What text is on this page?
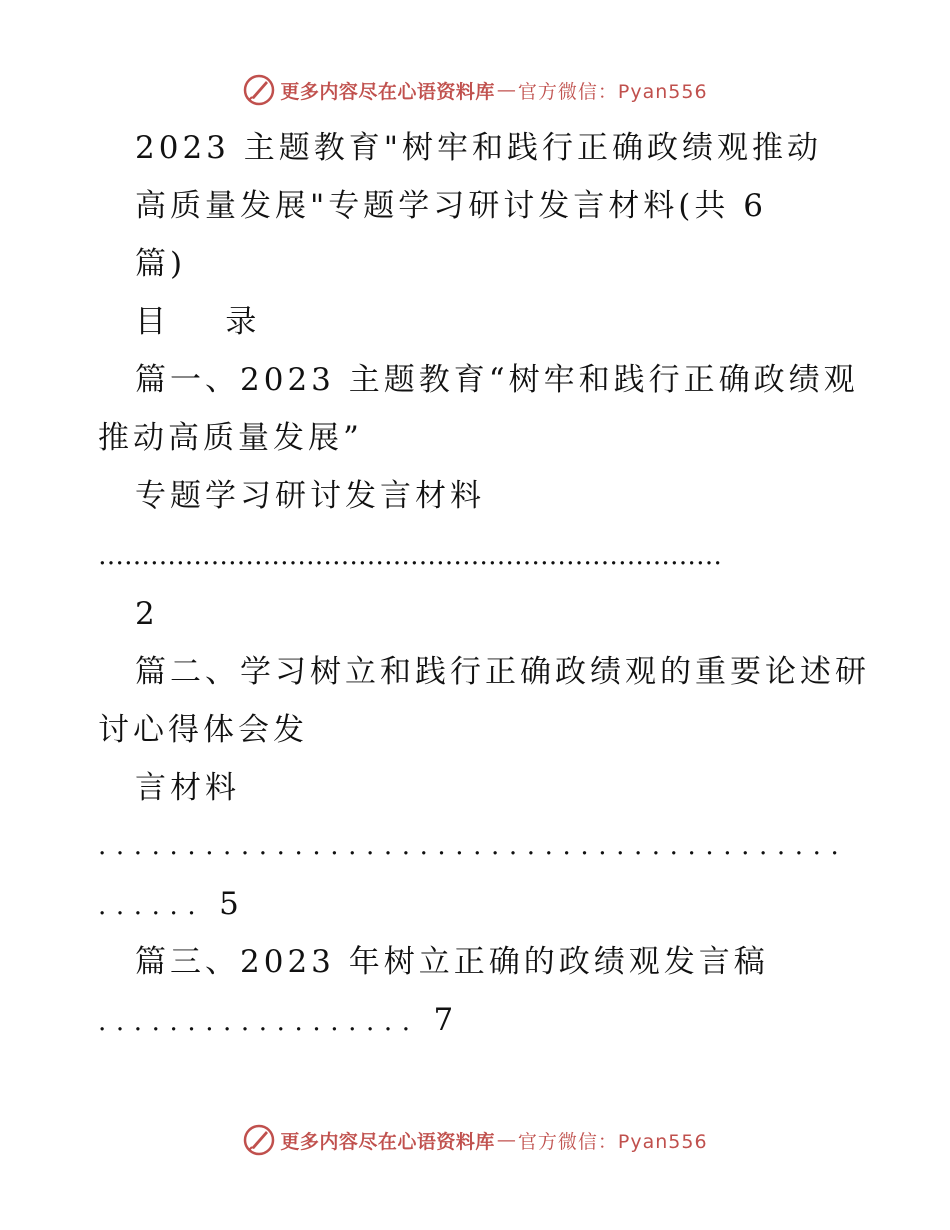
更多内容尽在心语资料库 — 官方微信：Pyan556
2023 主题教育"树牢和践行正确政绩观推动
高质量发展"专题学习研讨发言材料(共 6
篇)
目    录
篇一、2023 主题教育“树牢和践行正确政绩观
推动高质量发展”
专题学习研讨发言材料
………………………………………………………………
2
篇二、学习树立和践行正确政绩观的重要论述研
讨心得体会发
言材料
..........................................
...... 5
篇三、2023 年树立正确的政绩观发言稿
.................. 7
更多内容尽在心语资料库 — 官方微信：Pyan556
